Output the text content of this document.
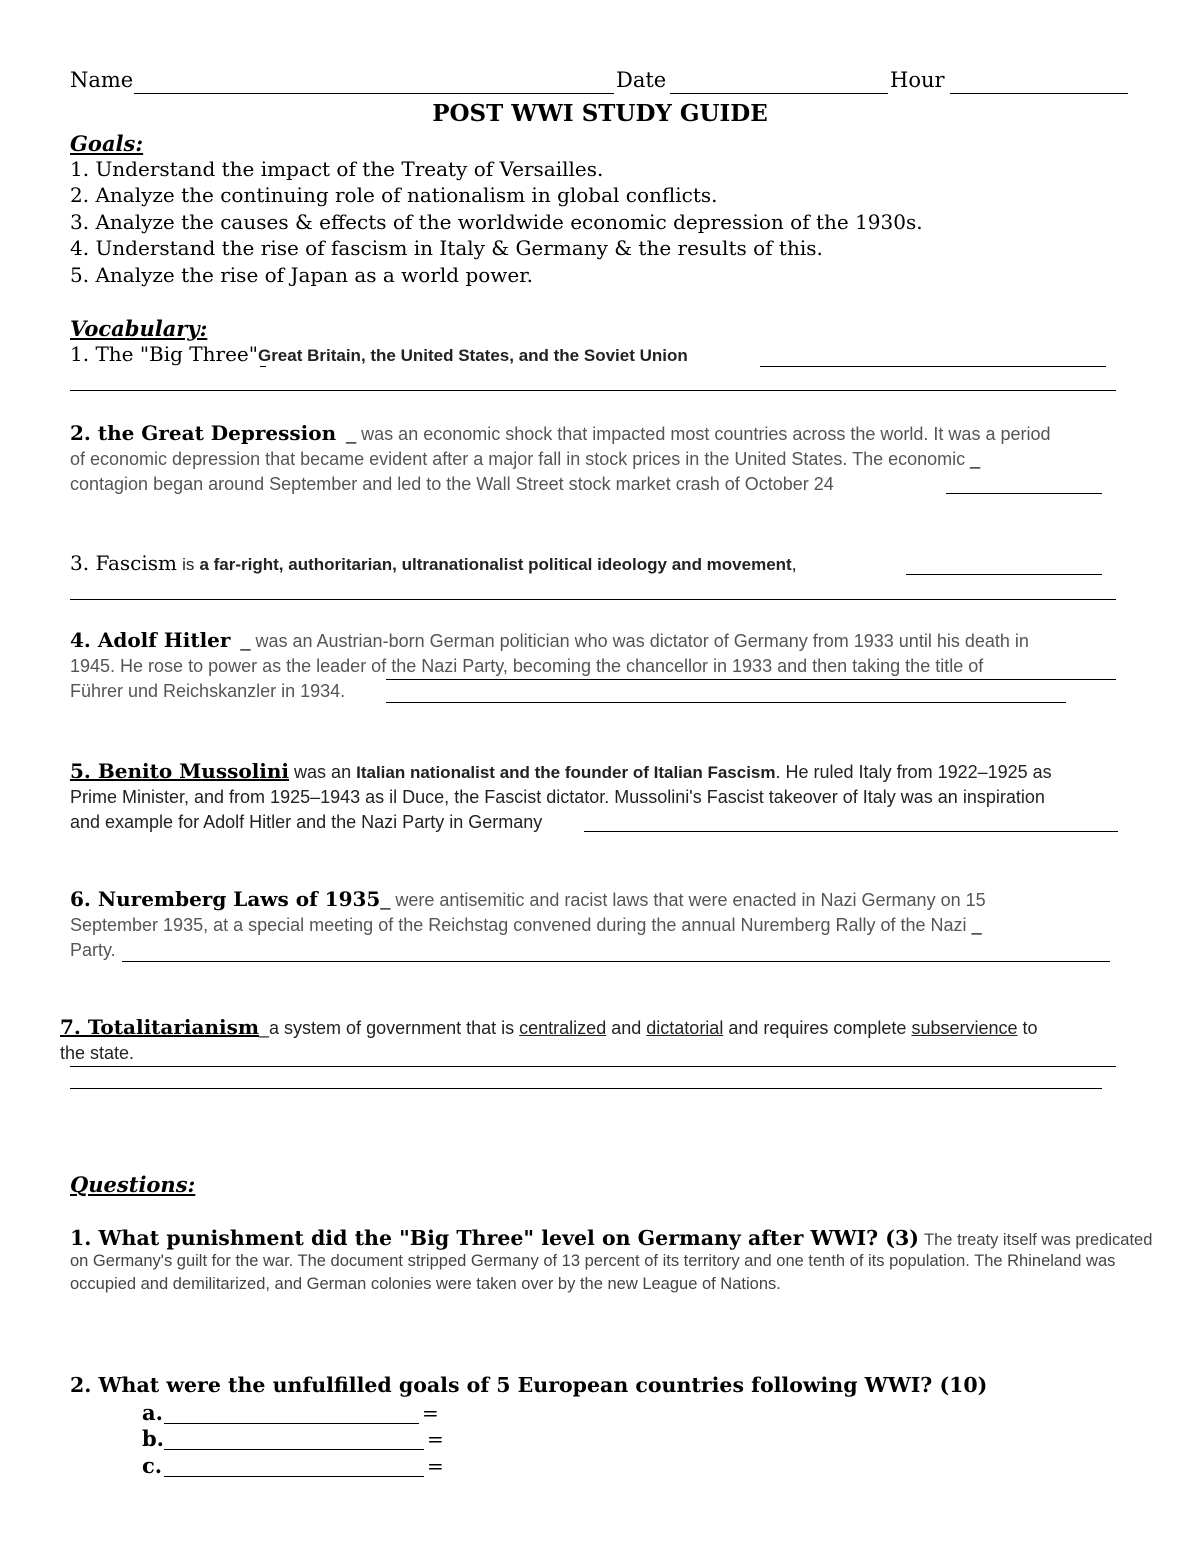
Name	Date	Hour
POST WWI STUDY GUIDE
Goals:
1. Understand the impact of the Treaty of Versailles.
2. Analyze the continuing role of nationalism in global conflicts.
3. Analyze the causes & effects of the worldwide economic depression of the 1930s.
4. Understand the rise of fascism in Italy & Germany & the results of this.
5. Analyze the rise of Japan as a world power.
Vocabulary:
1. The "Big Three"Great Britain, the United States, and the Soviet Union
2. the Great Depression  _ was an economic shock that impacted most countries across the world. It was a period
of economic depression that became evident after a major fall in stock prices in the United States. The economic _
contagion began around September and led to the Wall Street stock market crash of October 24
3. Fascism is a far-right, authoritarian, ultranationalist political ideology and movement,
4. Adolf Hitler  _ was an Austrian-born German politician who was dictator of Germany from 1933 until his death in
1945. He rose to power as the leader of the Nazi Party, becoming the chancellor in 1933 and then taking the title of
Führer und Reichskanzler in 1934.
5. Benito Mussolini was an Italian nationalist and the founder of Italian Fascism. He ruled Italy from 1922–1925 as
Prime Minister, and from 1925–1943 as il Duce, the Fascist dictator. Mussolini's Fascist takeover of Italy was an inspiration
and example for Adolf Hitler and the Nazi Party in Germany
6. Nuremberg Laws of 1935_ were antisemitic and racist laws that were enacted in Nazi Germany on 15
September 1935, at a special meeting of the Reichstag convened during the annual Nuremberg Rally of the Nazi _
Party.
7. Totalitarianism_a system of government that is centralized and dictatorial and requires complete subservience to
the state.
Questions:
1. What punishment did the "Big Three" level on Germany after WWI? (3) The treaty itself was predicated
on Germany's guilt for the war. The document stripped Germany of 13 percent of its territory and one tenth of its population. The Rhineland was occupied and demilitarized, and German colonies were taken over by the new League of Nations.
2. What were the unfulfilled goals of 5 European countries following WWI? (10)
a.	=
b.	=
c.	=
